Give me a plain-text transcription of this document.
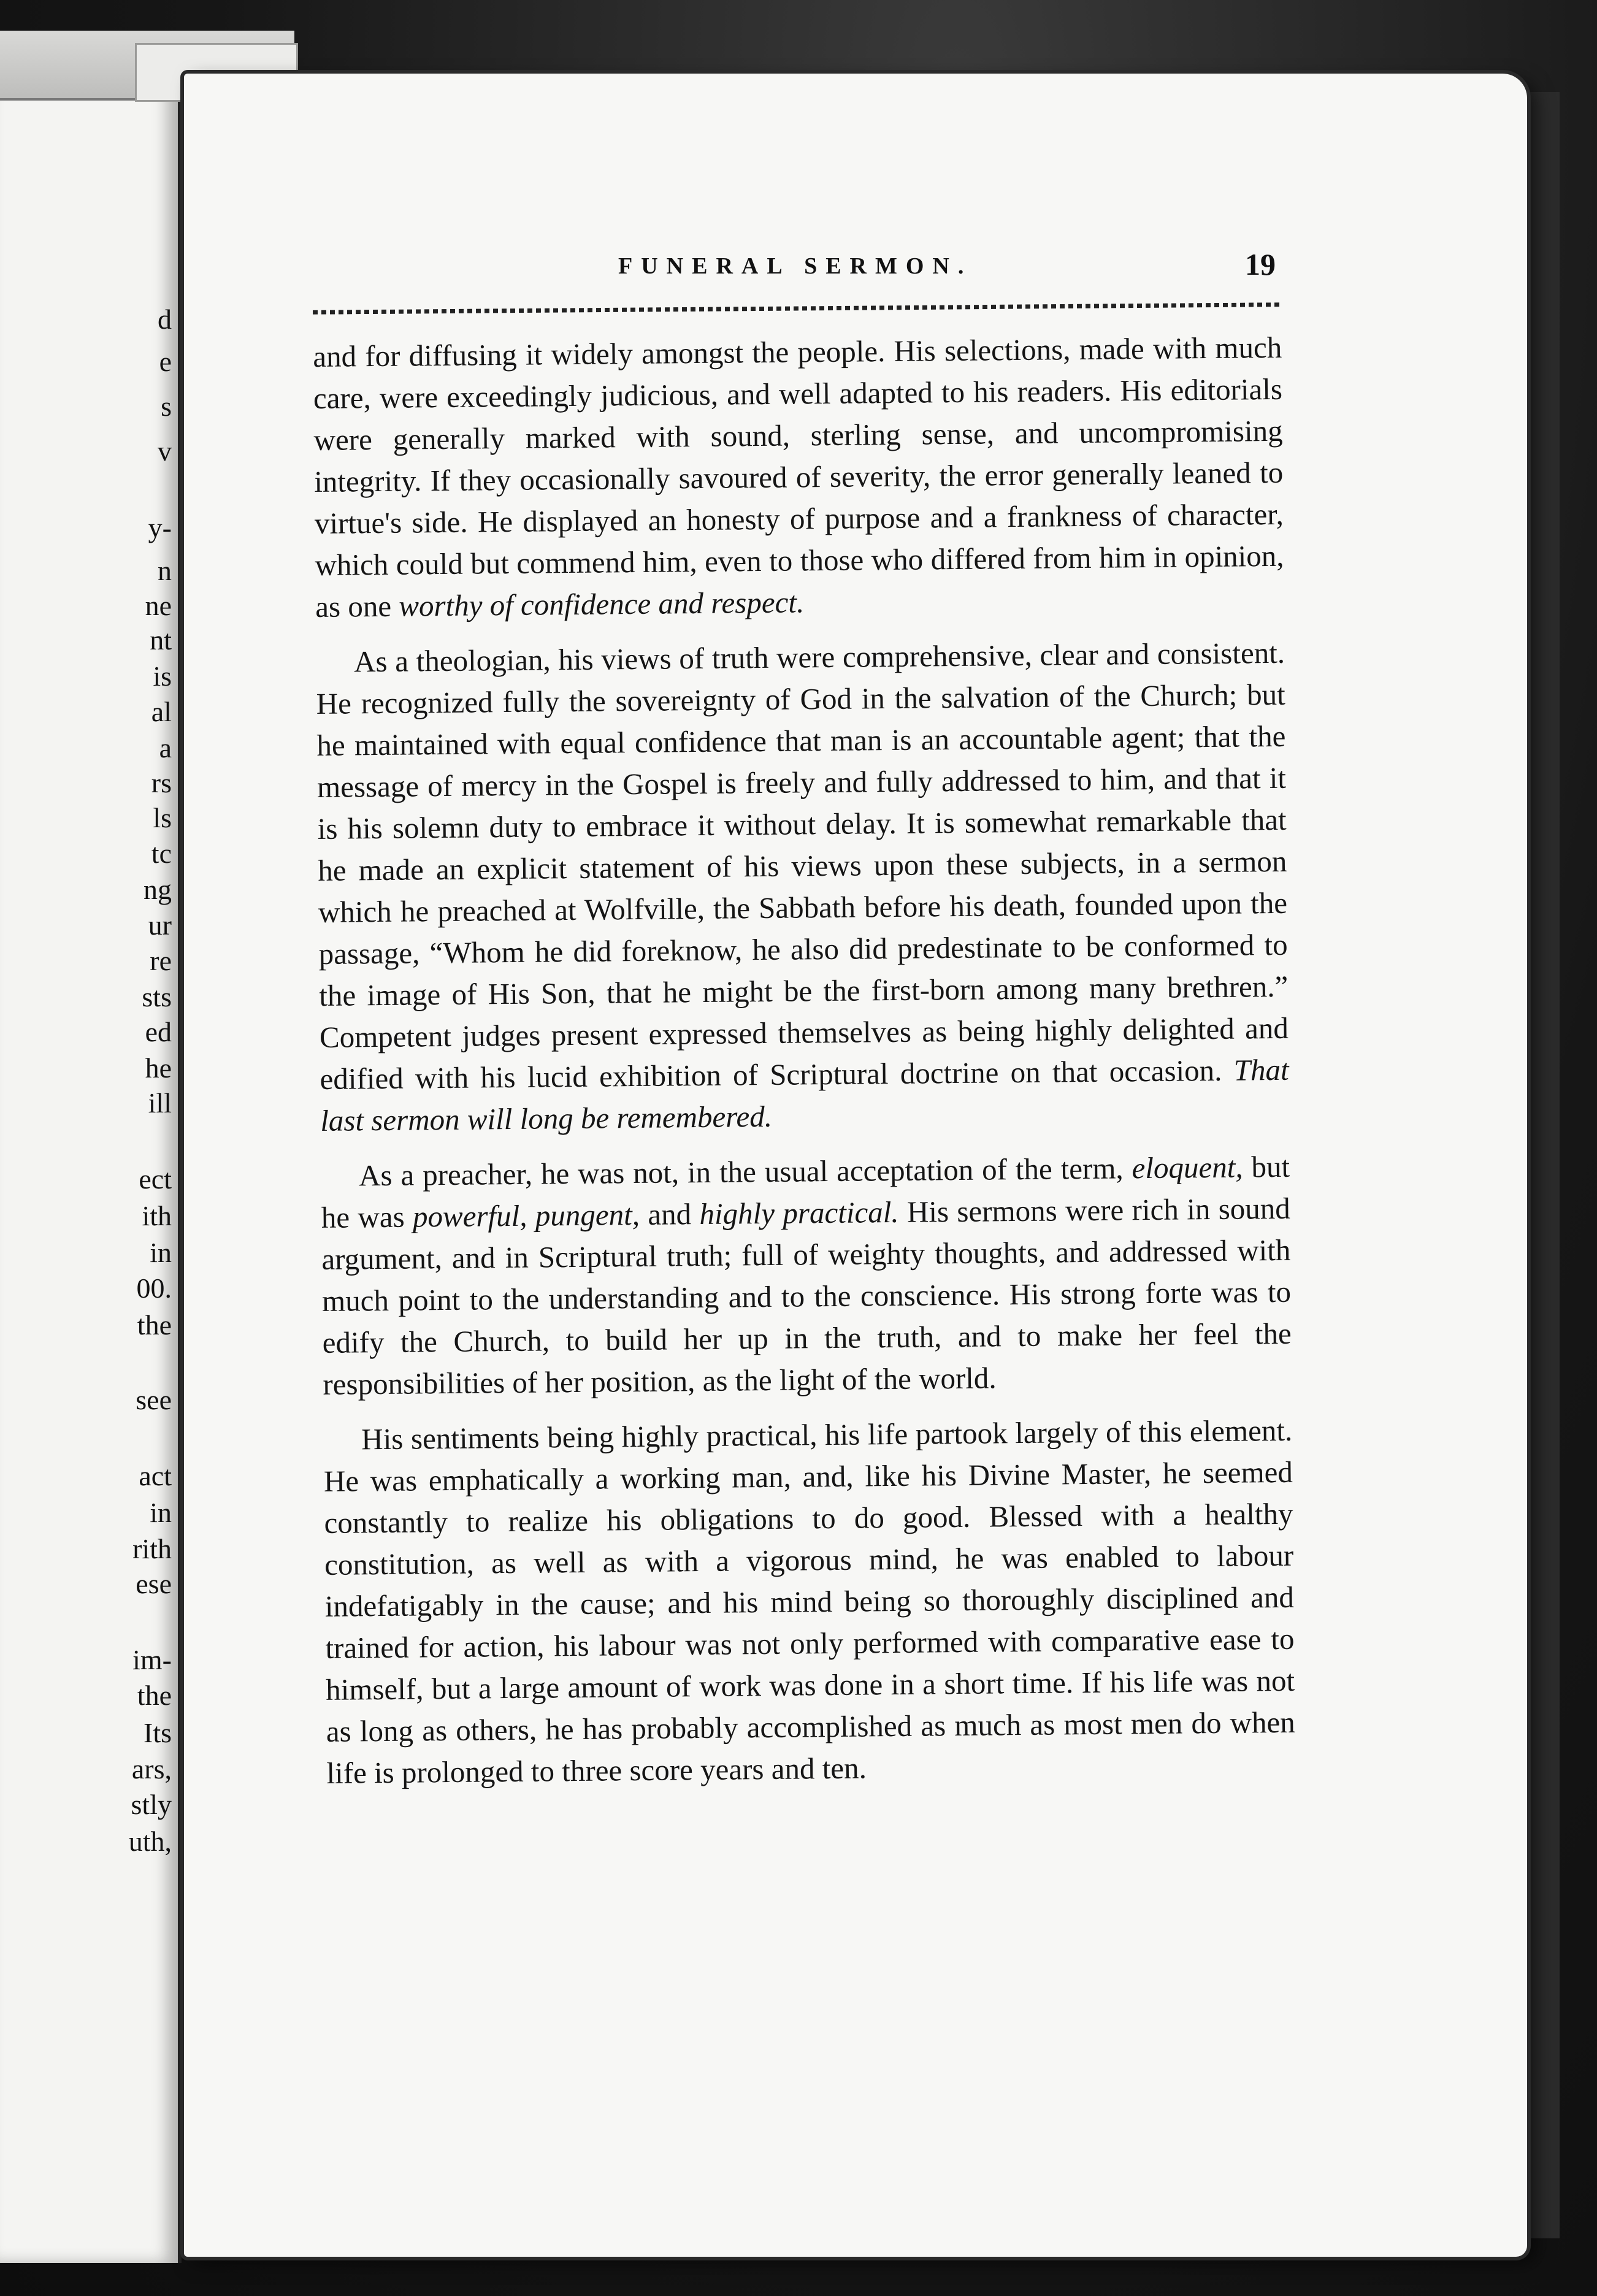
d
e
s
v
y-
n
ne
nt
is
al
a
rs
ls
tc
ng
ur
re
sts
ed
he
ill
ect
ith
in
00.
the
see
act
in
rith
ese
im-
the
Its
ars,
stly
uth,
FUNERAL SERMON.	19

and for diffusing it widely amongst the people. His selections, made with much care, were exceedingly judicious, and well adapted to his readers. His editorials were generally marked with sound, sterling sense, and uncompromising integrity. If they occasionally savoured of severity, the error generally leaned to virtue's side. He displayed an honesty of purpose and a frankness of character, which could but commend him, even to those who differed from him in opinion, as one worthy of confidence and respect.

As a theologian, his views of truth were comprehensive, clear and consistent. He recognized fully the sovereignty of God in the salvation of the Church; but he maintained with equal confidence that man is an accountable agent; that the message of mercy in the Gospel is freely and fully addressed to him, and that it is his solemn duty to embrace it without delay. It is somewhat remarkable that he made an explicit statement of his views upon these subjects, in a sermon which he preached at Wolfville, the Sabbath before his death, founded upon the passage, “Whom he did foreknow, he also did predestinate to be conformed to the image of His Son, that he might be the first-born among many brethren.” Competent judges present expressed themselves as being highly delighted and edified with his lucid exhibition of Scriptural doctrine on that occasion. That last sermon will long be remembered.

As a preacher, he was not, in the usual acceptation of the term, eloquent, but he was powerful, pungent, and highly practical. His sermons were rich in sound argument, and in Scriptural truth; full of weighty thoughts, and addressed with much point to the understanding and to the conscience. His strong forte was to edify the Church, to build her up in the truth, and to make her feel the responsibilities of her position, as the light of the world.

His sentiments being highly practical, his life partook largely of this element. He was emphatically a working man, and, like his Divine Master, he seemed constantly to realize his obligations to do good. Blessed with a healthy constitution, as well as with a vigorous mind, he was enabled to labour indefatigably in the cause; and his mind being so thoroughly disciplined and trained for action, his labour was not only performed with comparative ease to himself, but a large amount of work was done in a short time. If his life was not as long as others, he has probably accomplished as much as most men do when life is prolonged to three score years and ten.
